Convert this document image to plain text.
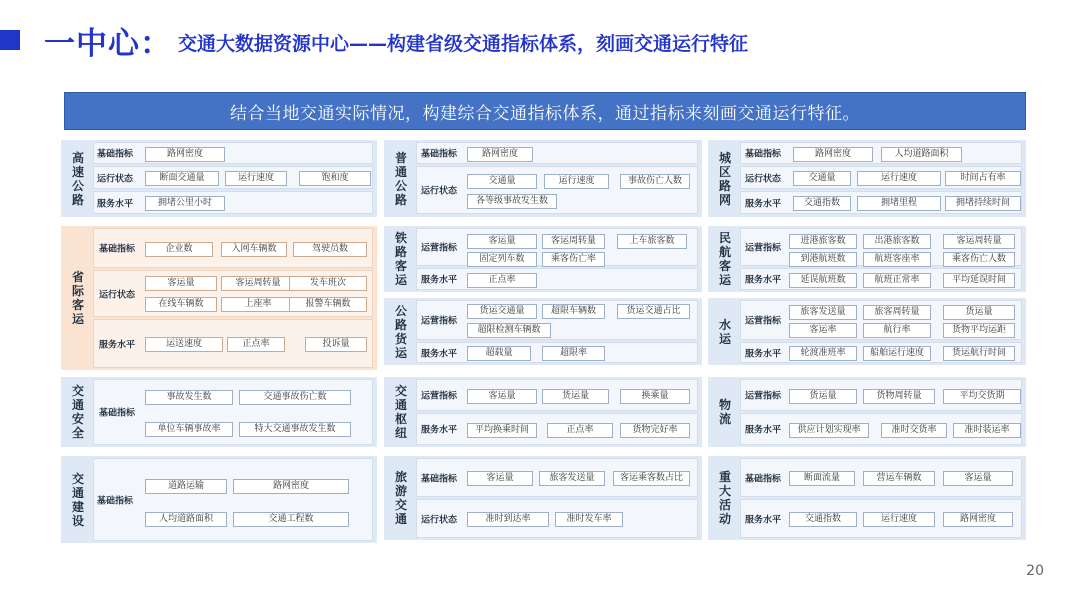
一中心： 交通大数据资源中心——构建省级交通指标体系，刻画交通运行特征
结合当地交通实际情况，构建综合交通指标体系，通过指标来刻画交通运行特征。
20
高
速
公
路
基础指标	路网密度
运行状态	断面交通量	运行速度	饱和度
服务水平	拥堵公里小时
普
通
公
路
基础指标	路网密度
运行状态
交通量	运行速度	事故伤亡人数
各等级事故发生数
城
区
路
网
基础指标	路网密度	人均道路面积
运行状态	交通量	运行速度	时间占有率
服务水平	交通指数	拥堵里程	拥堵持续时间
省
际
客
运
基础指标	企业数	入网车辆数	驾驶员数
运行状态
客运量	客运周转量	发车班次
在线车辆数	上座率	报警车辆数
服务水平	运送速度	正点率	投诉量
铁
路
客
运
运营指标
客运量	客运周转量	上车旅客数
固定列车数	乘客伤亡率
服务水平	正点率
民
航
客
运
运营指标
进港旅客数	出港旅客数	客运周转量
到港航班数	航班客座率	乘客伤亡人数
服务水平	延误航班数	航班正常率	平均延误时间
公
路
货
运
运营指标
货运交通量	超限车辆数	货运交通占比
超限检测车辆数
服务水平	超载量	超限率
水
运
运营指标
旅客发送量	旅客周转量	货运量
客运率	航行率	货物平均运距
服务水平	轮渡准班率	船舶运行速度	货运航行时间
交
通
安
全
基础指标
事故发生数	交通事故伤亡数
单位车辆事故率	特大交通事故发生数
交
通
枢
纽
运营指标	客运量	货运量	换乘量
服务水平	平均换乘时间	正点率	货物完好率
物
流
运营指标	货运量	货物周转量	平均交货期
服务水平	供应计划实现率	准时交货率	准时装运率
交
通
建
设
基础指标
道路运输	路网密度
人均道路面积	交通工程数
旅
游
交
通
基础指标	客运量	旅客发送量	客运乘客数占比
运行状态	准时到达率	准时发车率
重
大
活
动
基础指标	断面流量	营运车辆数	客运量
服务水平	交通指数	运行速度	路网密度
